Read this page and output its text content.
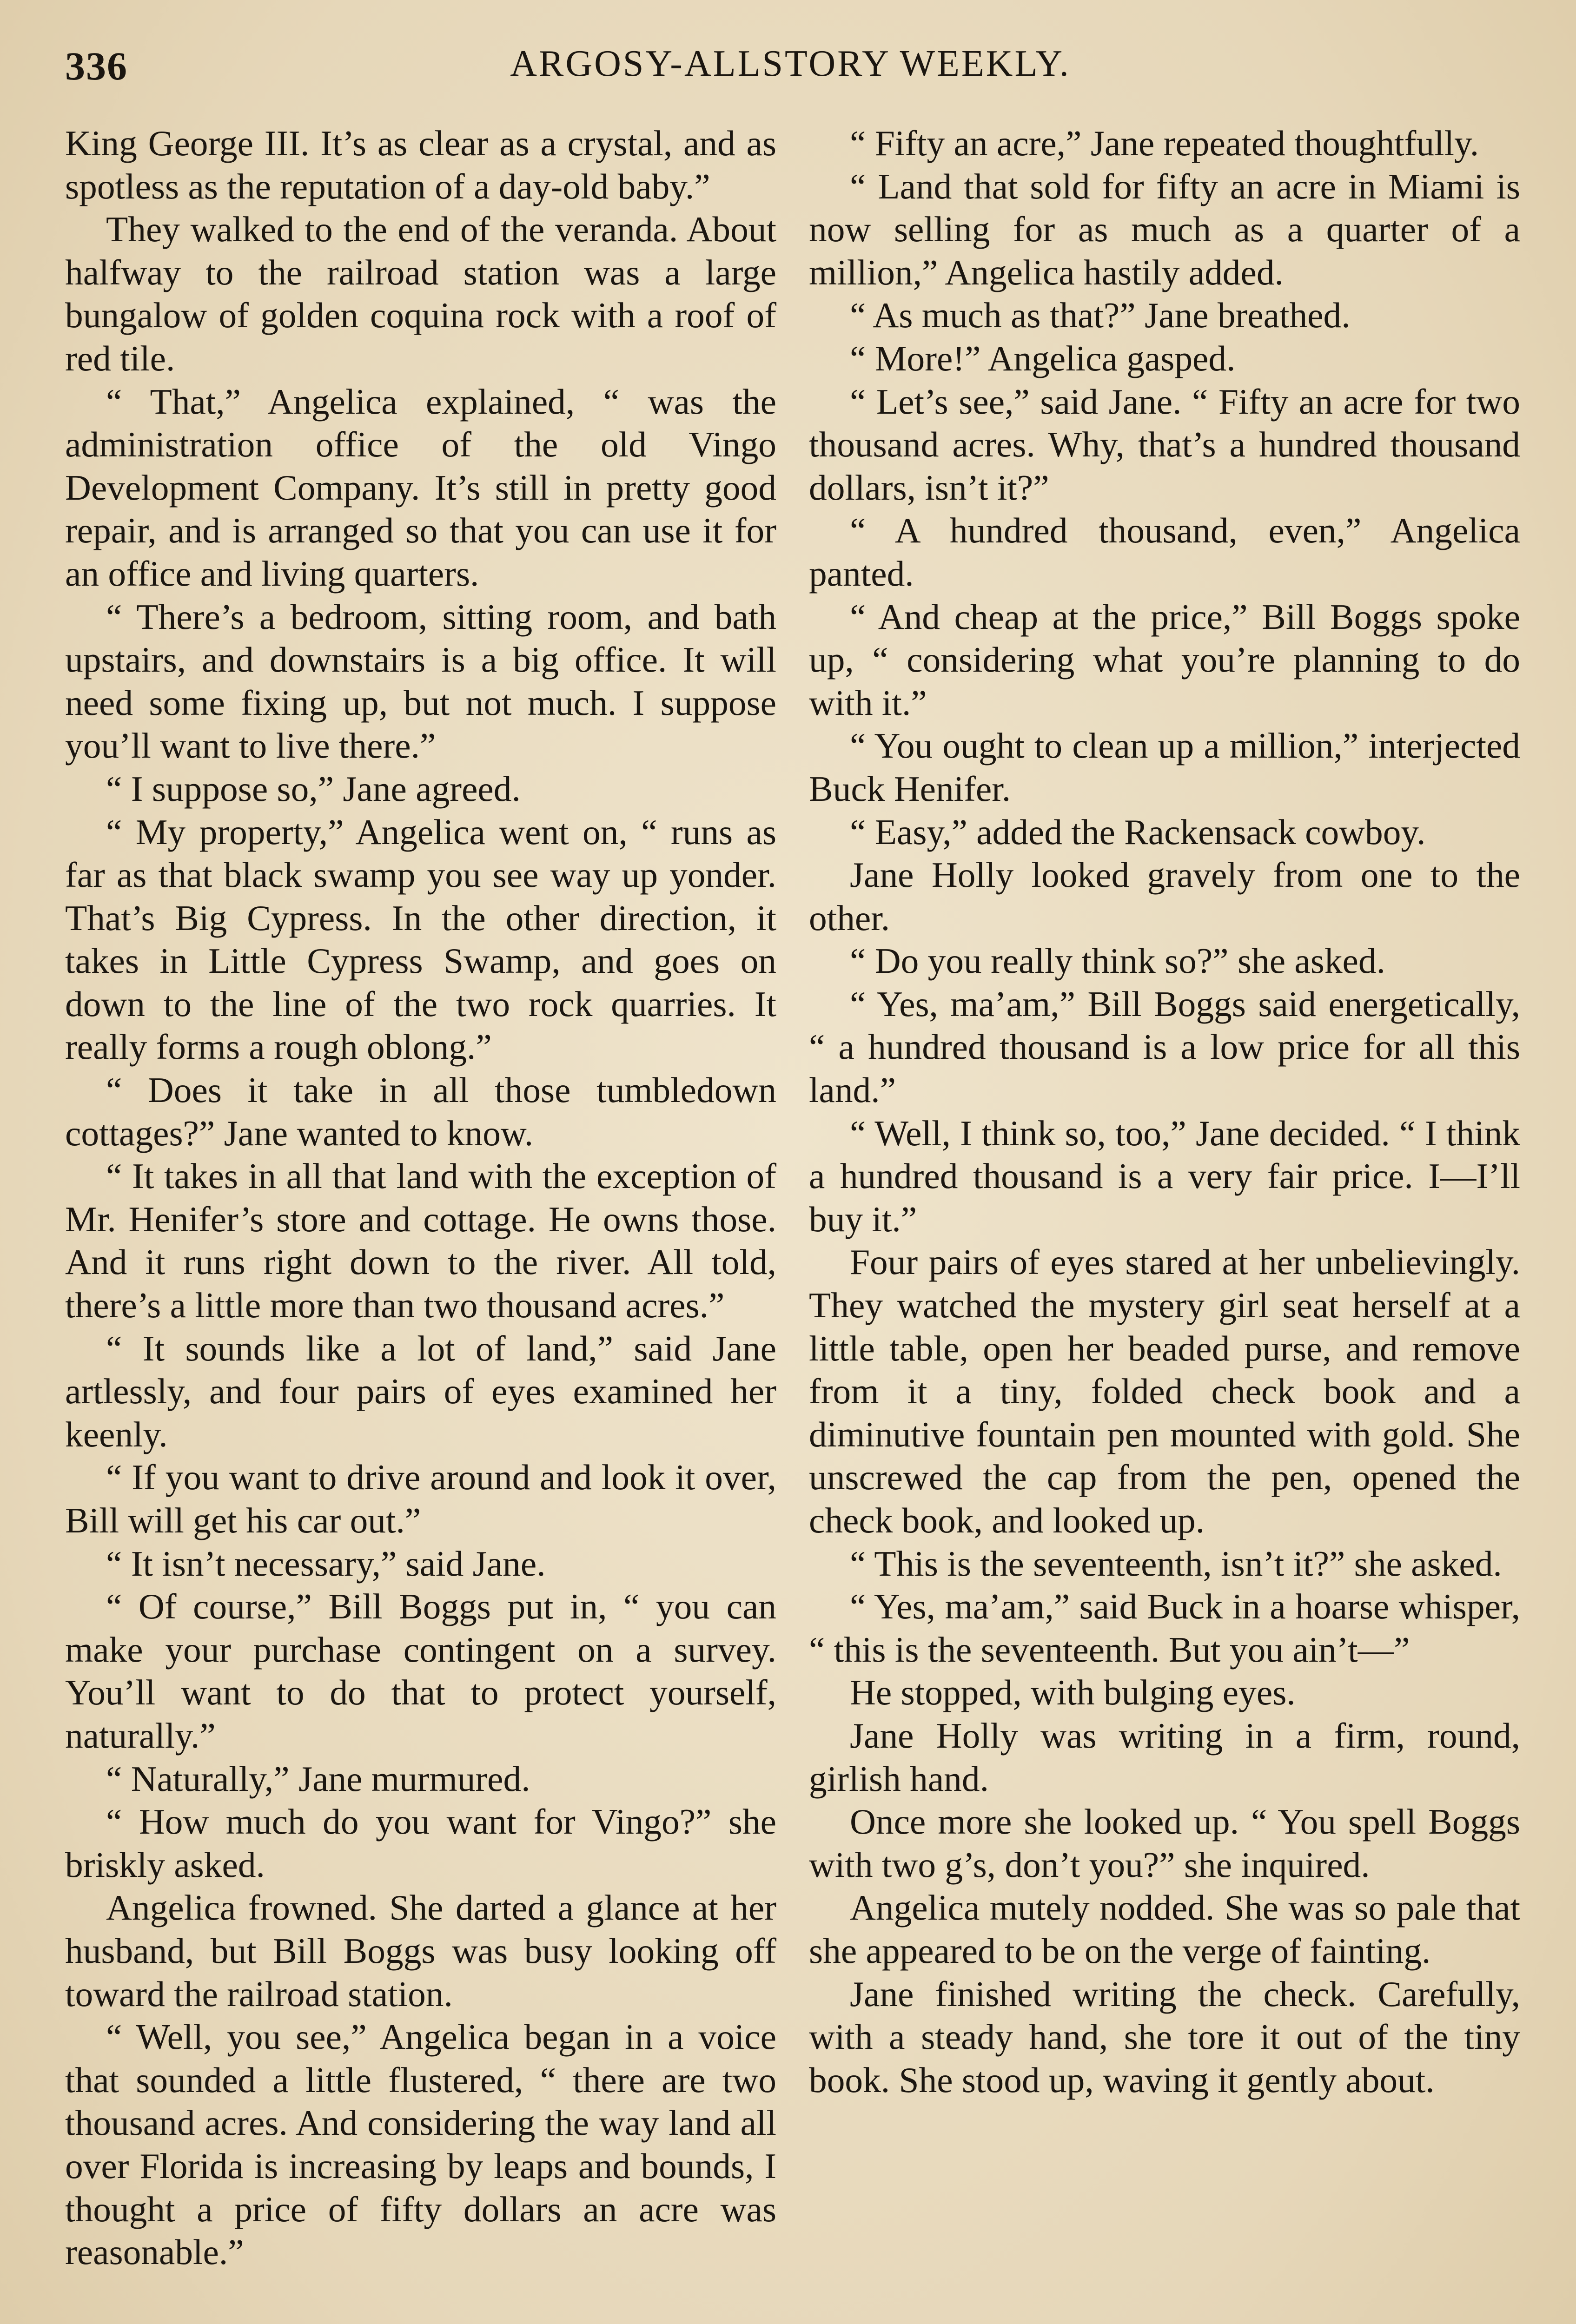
336	ARGOSY-ALLSTORY WEEKLY.

King George III. It’s as clear as a crystal, and as spotless as the reputation of a day-old baby.”

They walked to the end of the veranda. About halfway to the railroad station was a large bungalow of golden coquina rock with a roof of red tile.

“ That,” Angelica explained, “ was the administration office of the old Vingo Development Company. It’s still in pretty good repair, and is arranged so that you can use it for an office and living quarters.

“ There’s a bedroom, sitting room, and bath upstairs, and downstairs is a big office. It will need some fixing up, but not much. I suppose you’ll want to live there.”

“ I suppose so,” Jane agreed.

“ My property,” Angelica went on, “ runs as far as that black swamp you see way up yonder. That’s Big Cypress. In the other direction, it takes in Little Cypress Swamp, and goes on down to the line of the two rock quarries. It really forms a rough oblong.”

“ Does it take in all those tumbledown cottages?” Jane wanted to know.

“ It takes in all that land with the exception of Mr. Henifer’s store and cottage. He owns those. And it runs right down to the river. All told, there’s a little more than two thousand acres.”

“ It sounds like a lot of land,” said Jane artlessly, and four pairs of eyes examined her keenly.

“ If you want to drive around and look it over, Bill will get his car out.”

“ It isn’t necessary,” said Jane.

“ Of course,” Bill Boggs put in, “ you can make your purchase contingent on a survey. You’ll want to do that to protect yourself, naturally.”

“ Naturally,” Jane murmured.

“ How much do you want for Vingo?” she briskly asked.

Angelica frowned. She darted a glance at her husband, but Bill Boggs was busy looking off toward the railroad station.

“ Well, you see,” Angelica began in a voice that sounded a little flustered, “ there are two thousand acres. And considering the way land all over Florida is increasing by leaps and bounds, I thought a price of fifty dollars an acre was reasonable.”

“ Fifty an acre,” Jane repeated thoughtfully.

“ Land that sold for fifty an acre in Miami is now selling for as much as a quarter of a million,” Angelica hastily added.

“ As much as that?” Jane breathed.

“ More!” Angelica gasped.

“ Let’s see,” said Jane. “ Fifty an acre for two thousand acres. Why, that’s a hundred thousand dollars, isn’t it?”

“ A hundred thousand, even,” Angelica panted.

“ And cheap at the price,” Bill Boggs spoke up, “ considering what you’re planning to do with it.”

“ You ought to clean up a million,” interjected Buck Henifer.

“ Easy,” added the Rackensack cowboy.

Jane Holly looked gravely from one to the other.

“ Do you really think so?” she asked.

“ Yes, ma’am,” Bill Boggs said energetically, “ a hundred thousand is a low price for all this land.”

“ Well, I think so, too,” Jane decided. “ I think a hundred thousand is a very fair price. I—I’ll buy it.”

Four pairs of eyes stared at her unbelievingly. They watched the mystery girl seat herself at a little table, open her beaded purse, and remove from it a tiny, folded check book and a diminutive fountain pen mounted with gold. She unscrewed the cap from the pen, opened the check book, and looked up.

“ This is the seventeenth, isn’t it?” she asked.

“ Yes, ma’am,” said Buck in a hoarse whisper, “ this is the seventeenth. But you ain’t—”

He stopped, with bulging eyes.

Jane Holly was writing in a firm, round, girlish hand.

Once more she looked up. “ You spell Boggs with two g’s, don’t you?” she inquired.

Angelica mutely nodded. She was so pale that she appeared to be on the verge of fainting.

Jane finished writing the check. Carefully, with a steady hand, she tore it out of the tiny book. She stood up, waving it gently about.
